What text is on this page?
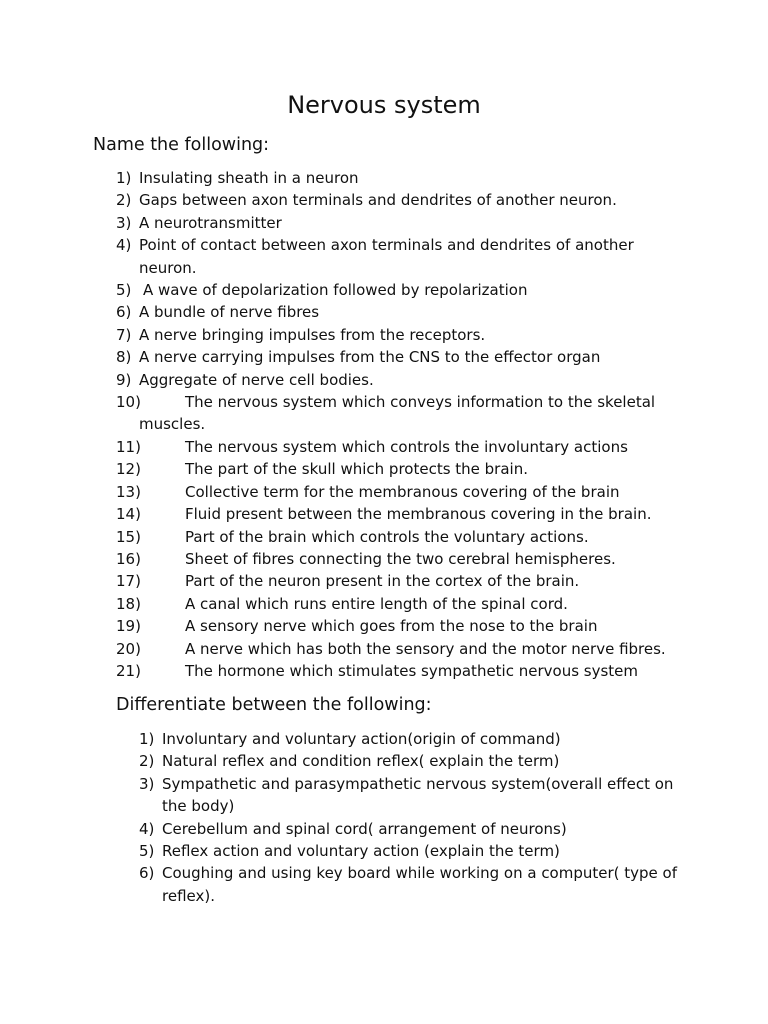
Nervous system
Name the following:
1) Insulating sheath in a neuron
2) Gaps between axon terminals and dendrites of another neuron.
3) A neurotransmitter
4) Point of contact between axon terminals and dendrites of another neuron.
5) A wave of depolarization followed by repolarization
6) A bundle of nerve fibres
7) A nerve bringing impulses from the receptors.
8) A nerve carrying impulses from the CNS to the effector organ
9) Aggregate of nerve cell bodies.
10)	The nervous system which conveys information to the skeletal muscles.
11)	The nervous system which controls the involuntary actions
12)	The part of the skull which protects the brain.
13)	Collective term for the membranous covering of the brain
14)	Fluid present between the membranous covering in the brain.
15)	Part of the brain which controls the voluntary actions.
16)	Sheet of fibres connecting the two cerebral hemispheres.
17)	Part of the neuron present in the cortex of the brain.
18)	A canal which runs entire length of the spinal cord.
19)	A sensory nerve which goes from the nose to the brain
20)	A nerve which has both the sensory and the motor nerve fibres.
21)	The hormone which stimulates sympathetic nervous system
Differentiate between the following:
1) Involuntary and voluntary action(origin of command)
2) Natural reflex and condition reflex( explain the term)
3) Sympathetic and parasympathetic nervous system(overall effect on the body)
4) Cerebellum and spinal cord( arrangement of neurons)
5) Reflex action and voluntary action (explain the term)
6) Coughing and using key board while working on a computer( type of reflex).
